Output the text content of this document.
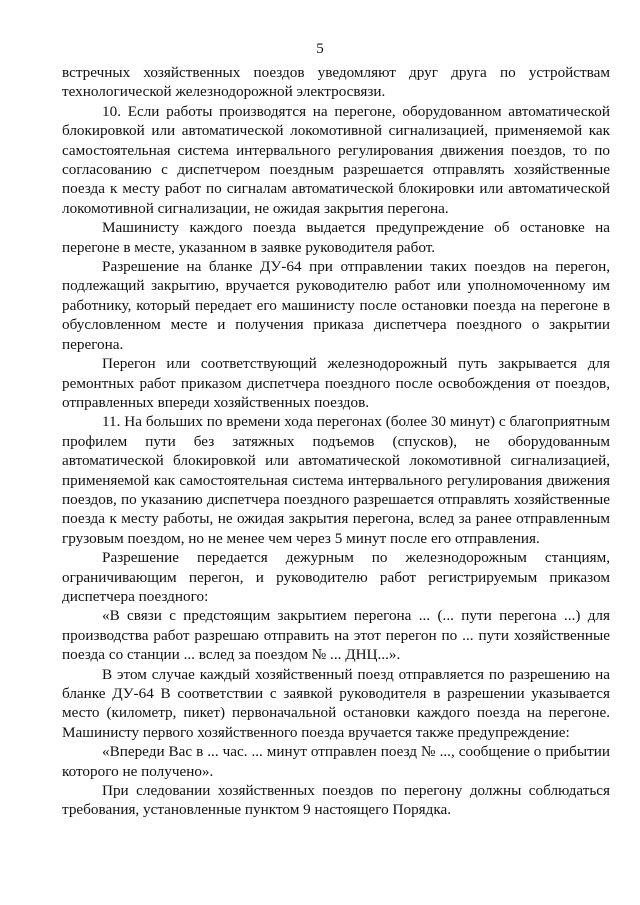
5

встречных хозяйственных поездов уведомляют друг друга по устройствам технологической железнодорожной электросвязи.

10. Если работы производятся на перегоне, оборудованном автоматической блокировкой или автоматической локомотивной сигнализацией, применяемой как самостоятельная система интервального регулирования движения поездов, то по согласованию с диспетчером поездным разрешается отправлять хозяйственные поезда к месту работ по сигналам автоматической блокировки или автоматической локомотивной сигнализации, не ожидая закрытия перегона.

Машинисту каждого поезда выдается предупреждение об остановке на перегоне в месте, указанном в заявке руководителя работ.

Разрешение на бланке ДУ-64 при отправлении таких поездов на перегон, подлежащий закрытию, вручается руководителю работ или уполномоченному им работнику, который передает его машинисту после остановки поезда на перегоне в обусловленном месте и получения приказа диспетчера поездного о закрытии перегона.

Перегон или соответствующий железнодорожный путь закрывается для ремонтных работ приказом диспетчера поездного после освобождения от поездов, отправленных впереди хозяйственных поездов.

11. На больших по времени хода перегонах (более 30 минут) с благоприятным профилем пути без затяжных подъемов (спусков), не оборудованным автоматической блокировкой или автоматической локомотивной сигнализацией, применяемой как самостоятельная система интервального регулирования движения поездов, по указанию диспетчера поездного разрешается отправлять хозяйственные поезда к месту работы, не ожидая закрытия перегона, вслед за ранее отправленным грузовым поездом, но не менее чем через 5 минут после его отправления.

Разрешение передается дежурным по железнодорожным станциям, ограничивающим перегон, и руководителю работ регистрируемым приказом диспетчера поездного:

«В связи с предстоящим закрытием перегона ... (... пути перегона ...) для производства работ разрешаю отправить на этот перегон по ... пути хозяйственные поезда со станции ... вслед за поездом № ... ДНЦ...».

В этом случае каждый хозяйственный поезд отправляется по разрешению на бланке ДУ-64 В соответствии с заявкой руководителя в разрешении указывается место (километр, пикет) первоначальной остановки каждого поезда на перегоне. Машинисту первого хозяйственного поезда вручается также предупреждение:

«Впереди Вас в ... час. ... минут отправлен поезд № ..., сообщение о прибытии которого не получено».

При следовании хозяйственных поездов по перегону должны соблюдаться требования, установленные пунктом 9 настоящего Порядка.
